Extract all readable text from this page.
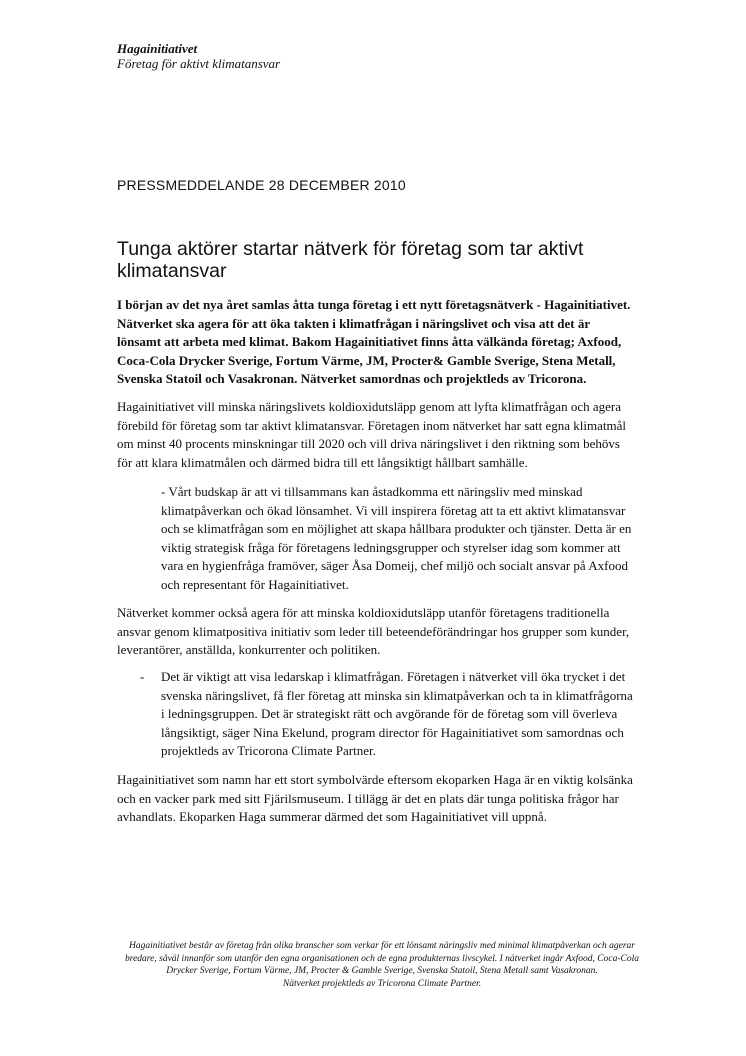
Hagainitiativet
Företag för aktivt klimatansvar
PRESSMEDDELANDE 28 DECEMBER 2010
Tunga aktörer startar nätverk för företag som tar aktivt klimatansvar
I början av det nya året samlas åtta tunga företag i ett nytt företagsnätverk - Hagainitiativet. Nätverket ska agera för att öka takten i klimatfrågan i näringslivet och visa att det är lönsamt att arbeta med klimat. Bakom Hagainitiativet finns åtta välkända företag; Axfood, Coca-Cola Drycker Sverige, Fortum Värme, JM, Procter& Gamble Sverige, Stena Metall, Svenska Statoil och Vasakronan. Nätverket samordnas och projektleds av Tricorona.
Hagainitiativet vill minska näringslivets koldioxidutsläpp genom att lyfta klimatfrågan och agera förebild för företag som tar aktivt klimatansvar. Företagen inom nätverket har satt egna klimatmål om minst 40 procents minskningar till 2020 och vill driva näringslivet i den riktning som behövs för att klara klimatmålen och därmed bidra till ett långsiktigt hållbart samhälle.
- Vårt budskap är att vi tillsammans kan åstadkomma ett näringsliv med minskad klimatpåverkan och ökad lönsamhet. Vi vill inspirera företag att ta ett aktivt klimatansvar och se klimatfrågan som en möjlighet att skapa hållbara produkter och tjänster. Detta är en viktig strategisk fråga för företagens ledningsgrupper och styrelser idag som kommer att vara en hygienfråga framöver, säger Åsa Domeij, chef miljö och socialt ansvar på Axfood och representant för Hagainitiativet.
Nätverket kommer också agera för att minska koldioxidutsläpp utanför företagens traditionella ansvar genom klimatpositiva initiativ som leder till beteendeförändringar hos grupper som kunder, leverantörer, anställda, konkurrenter och politiken.
- Det är viktigt att visa ledarskap i klimatfrågan. Företagen i nätverket vill öka trycket i det svenska näringslivet, få fler företag att minska sin klimatpåverkan och ta in klimatfrågorna i ledningsgruppen. Det är strategiskt rätt och avgörande för de företag som vill överleva långsiktigt, säger Nina Ekelund, program director för Hagainitiativet som samordnas och projektleds av Tricorona Climate Partner.
Hagainitiativet som namn har ett stort symbolvärde eftersom ekoparken Haga är en viktig kolsänka och en vacker park med sitt Fjärilsmuseum. I tillägg är det en plats där tunga politiska frågor har avhandlats. Ekoparken Haga summerar därmed det som Hagainitiativet vill uppnå.
Hagainitiativet består av företag från olika branscher som verkar för ett lönsamt näringsliv med minimal klimatpåverkan och agerar bredare, såväl innanför som utanför den egna organisationen och de egna produkternas livscykel. I nätverket ingår Axfood, Coca-Cola Drycker Sverige, Fortum Värme, JM, Procter & Gamble Sverige, Svenska Statoil, Stena Metall samt Vasakronan.
Nätverket projektleds av Tricorona Climate Partner.
